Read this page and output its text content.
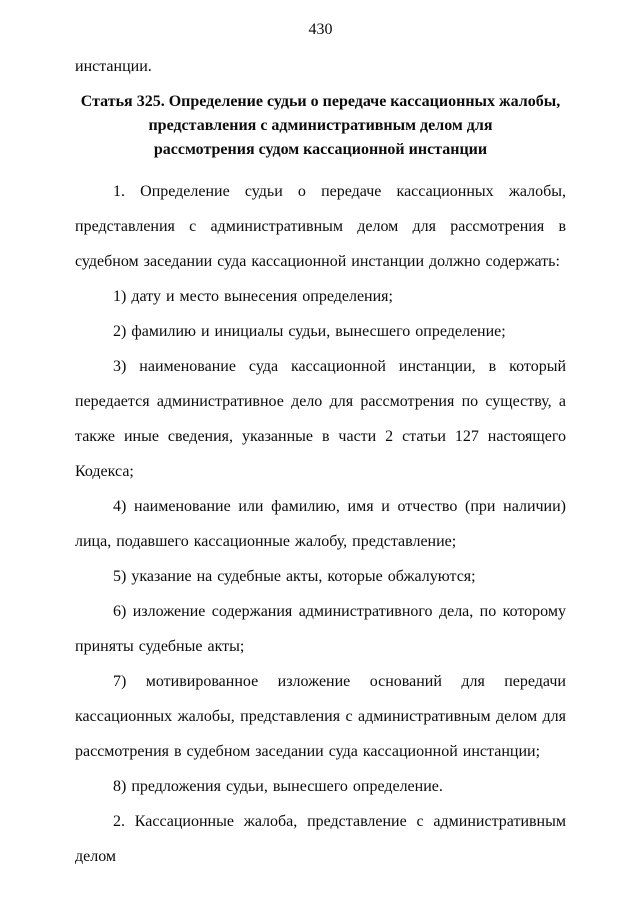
430

инстанции.

Статья 325. Определение судьи о передаче кассационных жалобы,
представления с административным делом для
рассмотрения судом кассационной инстанции

1. Определение судьи о передаче кассационных жалобы, представления с административным делом для рассмотрения в судебном заседании суда кассационной инстанции должно содержать:

1) дату и место вынесения определения;

2) фамилию и инициалы судьи, вынесшего определение;

3) наименование суда кассационной инстанции, в который передается административное дело для рассмотрения по существу, а также иные сведения, указанные в части 2 статьи 127 настоящего Кодекса;

4) наименование или фамилию, имя и отчество (при наличии) лица, подавшего кассационные жалобу, представление;

5) указание на судебные акты, которые обжалуются;

6) изложение содержания административного дела, по которому приняты судебные акты;

7) мотивированное изложение оснований для передачи кассационных жалобы, представления с административным делом для рассмотрения в судебном заседании суда кассационной инстанции;

8) предложения судьи, вынесшего определение.

2. Кассационные жалоба, представление с административным делом
